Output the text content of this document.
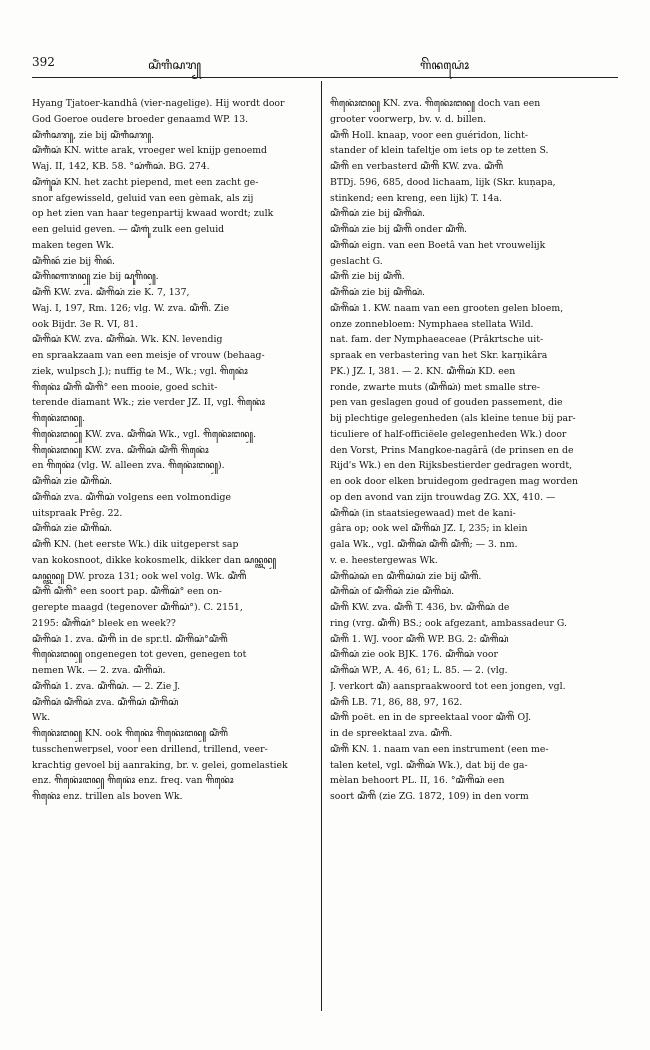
392	ꦱꦶꦁꦒꦶꦱꦫ꧀	ꦒꦼꦤꦝꦺꦴꦁ
Hyang Tjatoer-kandhâ (vier-nagelige). Hij wordt door
God Goeroe oudere broeder genaamd WP. 13.
ꦱꦶꦁꦒꦶꦱꦫ꧀, zie bij ꦱꦶꦁꦒꦶꦱꦫ꧀.
ꦱꦶꦁꦒꦶꦁꦱꦁ KN. witte arak, vroeger wel knijp genoemd
Waj. II, 142, KB. 58. °ꦱꦁꦒꦶꦁꦱꦁ. BG. 274.
ꦱꦶꦁꦒꦸꦁꦱꦁ KN. het zacht piepend, met een zacht ge-
snor afgewisseld, geluid van een gèmak, als zij
op het zien van haar tegenpartij kwaad wordt; zulk
een geluid geven. — ꦱꦶꦁꦒꦸꦁ zulk een geluid
maken tegen Wk.
ꦱꦶꦁꦒꦼꦤꦂ zie bij ꦒꦼꦤꦂ.
ꦱꦶꦁꦒꦼꦤꦒꦫꦤ꧀ zie bij ꦱꦸꦒꦼꦤ꧀.
ꦱꦶꦁꦒꦼꦁ KW. zva. ꦱꦶꦁꦒꦼꦁꦱꦁ zie K. 7, 137,
Waj. I, 197, Rm. 126; vlg. W. zva. ꦱꦶꦁꦒꦼꦁ. Zie
ook Bijdr. 3e R. VI, 81.
ꦱꦶꦁꦒꦼꦁꦱꦁ KW. zva. ꦱꦶꦁꦒꦼꦁꦱꦁ. Wk. KN. levendig
en spraakzaam van een meisje of vrouw (behaag-
ziek, wulpsch J.); nuffig te M., Wk.; vgl. ꦒꦼꦤꦺꦴꦁ
ꦒꦼꦤꦺꦴꦁ ꦱꦶꦁꦒꦼꦁ ꦱꦶꦁꦒꦼꦁ° een mooie, goed schit-
terende diamant Wk.; zie verder JZ. II, vgl. ꦒꦼꦤꦺꦴꦁ
ꦒꦼꦤꦺꦴꦁꦔꦤ꧀.
ꦒꦼꦤꦺꦴꦁꦔꦤ꧀ KW. zva. ꦱꦶꦁꦒꦼꦁꦱꦁ Wk., vgl. ꦒꦼꦤꦺꦴꦁꦔꦤ꧀.
ꦒꦼꦤꦺꦴꦁꦔꦤ꧀ KW. zva. ꦱꦶꦁꦒꦼꦁꦱꦁ ꦱꦶꦁꦒꦼꦁ ꦒꦼꦤꦺꦴꦁ
en ꦒꦼꦤꦺꦴꦁ (vlg. W. alleen zva. ꦒꦼꦤꦺꦴꦁꦔꦤ꧀).
ꦱꦶꦁꦒꦼꦁꦱꦁ zie ꦱꦶꦁꦒꦼꦁꦱꦁ.
ꦱꦶꦁꦒꦼꦁꦱꦁ zva. ꦱꦶꦁꦒꦼꦁꦱꦁ volgens een volmondige
uitspraak Prêg. 22.
ꦱꦶꦁꦒꦼꦁꦱꦁ zie ꦱꦶꦁꦒꦼꦁꦱꦁ.
ꦱꦶꦁꦒꦼꦁ KN. (het eerste Wk.) dik uitgeperst sap
van kokosnoot, dikke kokosmelk, dikker dan ꦱꦤ꧀ꦠꦤ꧀
ꦱꦤ꧀ꦠꦤ꧀ DW. proza 131; ook wel volg. Wk. ꦱꦶꦁꦒꦼꦁ
ꦱꦶꦁꦒꦼꦁ ꦱꦶꦁꦒꦼꦁ° een soort pap. ꦱꦶꦁꦒꦼꦁꦱꦁ° een on-
gerepte maagd (tegenover ꦱꦶꦁꦒꦼꦁꦱꦁ°). C. 2151,
2195: ꦱꦶꦁꦒꦼꦁꦱꦁ° bleek en week??
ꦱꦶꦁꦒꦼꦁꦱꦁ 1. zva. ꦱꦶꦁꦒꦼꦁ in de spr.tl. ꦱꦶꦁꦒꦼꦁꦱꦁ°ꦱꦶꦁꦒꦼꦁ
ꦒꦼꦤꦺꦴꦁꦔꦤ꧀ ongenegen tot geven, genegen tot
nemen Wk. — 2. zva. ꦱꦶꦁꦒꦼꦁꦱꦁ.
ꦱꦶꦁꦒꦼꦁꦱꦁ 1. zva. ꦱꦶꦁꦒꦼꦁꦱꦁ. — 2. Zie J.
ꦱꦶꦁꦒꦼꦁꦱꦁ ꦱꦶꦁꦒꦼꦁꦱꦁ zva. ꦱꦶꦁꦒꦼꦁꦱꦁ ꦱꦶꦁꦒꦼꦁꦱꦁ
Wk.
ꦒꦼꦤꦺꦴꦁꦔꦤ꧀ KN. ook ꦒꦼꦤꦺꦴꦁ ꦒꦼꦤꦺꦴꦁꦔꦤ꧀ ꦱꦶꦁꦒꦼꦁ
tusschenwerpsel, voor een drillend, trillend, veer-
krachtig gevoel bij aanraking, br. v. gelei, gomelastiek
enz. ꦒꦼꦤꦺꦴꦁꦔꦤ꧀ ꦒꦼꦤꦺꦴꦁ enz. freq. van ꦒꦼꦤꦺꦴꦁ
ꦒꦼꦤꦺꦴꦁ enz. trillen als boven Wk.
ꦒꦼꦤꦺꦴꦁꦔꦤ꧀ KN. zva. ꦒꦼꦤꦺꦴꦁꦔꦤ꧀ doch van een
grooter voorwerp, bv. v. d. billen.
ꦱꦶꦁꦒꦼꦁ Holl. knaap, voor een guéridon, licht-
stander of klein tafeltje om iets op te zetten S.
ꦱꦶꦁꦒꦼꦁ en verbasterd ꦱꦶꦁꦒꦼꦁ KW. zva. ꦱꦶꦁꦒꦼꦁ
BTDj. 596, 685, dood lichaam, lijk (Skr. kuṇapa,
stinkend; een kreng, een lijk) T. 14a.
ꦱꦶꦁꦒꦼꦁꦱꦁ zie bij ꦱꦶꦁꦒꦼꦁꦱꦁ.
ꦱꦶꦁꦒꦼꦁꦱꦁ zie bij ꦱꦶꦁꦒꦼꦁ onder ꦱꦶꦁꦒꦼꦁ.
ꦱꦶꦁꦒꦼꦁꦱꦁ eign. van een Boetâ van het vrouwelijk
geslacht G.
ꦱꦶꦁꦒꦼꦁ zie bij ꦱꦶꦁꦒꦼꦁ.
ꦱꦶꦁꦒꦼꦁꦱꦁ zie bij ꦱꦶꦁꦒꦼꦁꦱꦁ.
ꦱꦶꦁꦒꦼꦁꦱꦁ 1. KW. naam van een grooten gelen bloem,
onze zonnebloem: Nymphaea stellata Wild.
nat. fam. der Nymphaeaceae (Prâkrtsche uit-
spraak en verbastering van het Skr. karṇikâra
PK.) JZ. I, 381. — 2. KN. ꦱꦶꦁꦒꦼꦁꦱꦁ KD. een
ronde, zwarte muts (ꦱꦶꦁꦒꦼꦁꦱꦁ) met smalle stre-
pen van geslagen goud of gouden passement, die
bij plechtige gelegenheden (als kleine tenue bij par-
ticuliere of half-officiëele gelegenheden Wk.) door
den Vorst, Prins Mangkoe-nagârâ (de prinsen en de
Rijd's Wk.) en den Rijksbestierder gedragen wordt,
en ook door elken bruidegom gedragen mag worden
op den avond van zijn trouwdag ZG. XX, 410. —
ꦱꦶꦁꦒꦼꦁꦱꦁ (in staatsiegewaad) met de kani-
gâra op; ook wel ꦱꦶꦁꦒꦼꦁꦱꦁ JZ. I, 235; in klein
gala Wk., vgl. ꦱꦶꦁꦒꦼꦁꦱꦁ ꦱꦶꦁꦒꦼꦁ ꦱꦶꦁꦒꦼꦁ; — 3. nm.
v. e. heestergewas Wk.
ꦱꦶꦁꦒꦼꦁꦱꦁꦱꦁ en ꦱꦶꦁꦒꦼꦁꦱꦁꦱꦁ zie bij ꦱꦶꦁꦒꦼꦁ.
ꦱꦶꦁꦒꦼꦁꦱꦁ of ꦱꦶꦁꦒꦼꦁꦱꦁ zie ꦱꦶꦁꦒꦼꦁꦱꦁ.
ꦱꦶꦁꦒꦼꦁ KW. zva. ꦱꦶꦁꦒꦼꦁ T. 436, bv. ꦱꦶꦁꦒꦼꦁꦱꦁ de
ring (vrg. ꦱꦶꦁꦒꦼꦁ) BS.; ook afgezant, ambassadeur G.
ꦱꦶꦁꦒꦼꦁ 1. WJ. voor ꦱꦶꦁꦒꦼꦁ WP. BG. 2: ꦱꦶꦁꦒꦼꦁꦱꦁ
ꦱꦶꦁꦒꦼꦁꦱꦁ zie ook BJK. 176. ꦱꦶꦁꦒꦼꦁꦱꦁ voor
ꦱꦶꦁꦒꦼꦁꦱꦁ WP., A. 46, 61; L. 85. — 2. (vlg.
J. verkort ꦱꦶꦁ) aanspraakwoord tot een jongen, vgl.
ꦱꦶꦁꦒꦼꦁ LB. 71, 86, 88, 97, 162.
ꦱꦶꦁꦒꦼꦁ poët. en in de spreektaal voor ꦱꦶꦁꦒꦼꦁ OJ.
in de spreektaal zva. ꦱꦶꦁꦒꦼꦁ.
ꦱꦶꦁꦒꦼꦁ KN. 1. naam van een instrument (een me-
talen ketel, vgl. ꦱꦶꦁꦒꦼꦁꦱꦁ Wk.), dat bij de ga-
mèlan behoort PL. II, 16. °ꦱꦶꦁꦒꦼꦁꦱꦁ een
soort ꦱꦶꦁꦒꦼꦁ (zie ZG. 1872, 109) in den vorm
